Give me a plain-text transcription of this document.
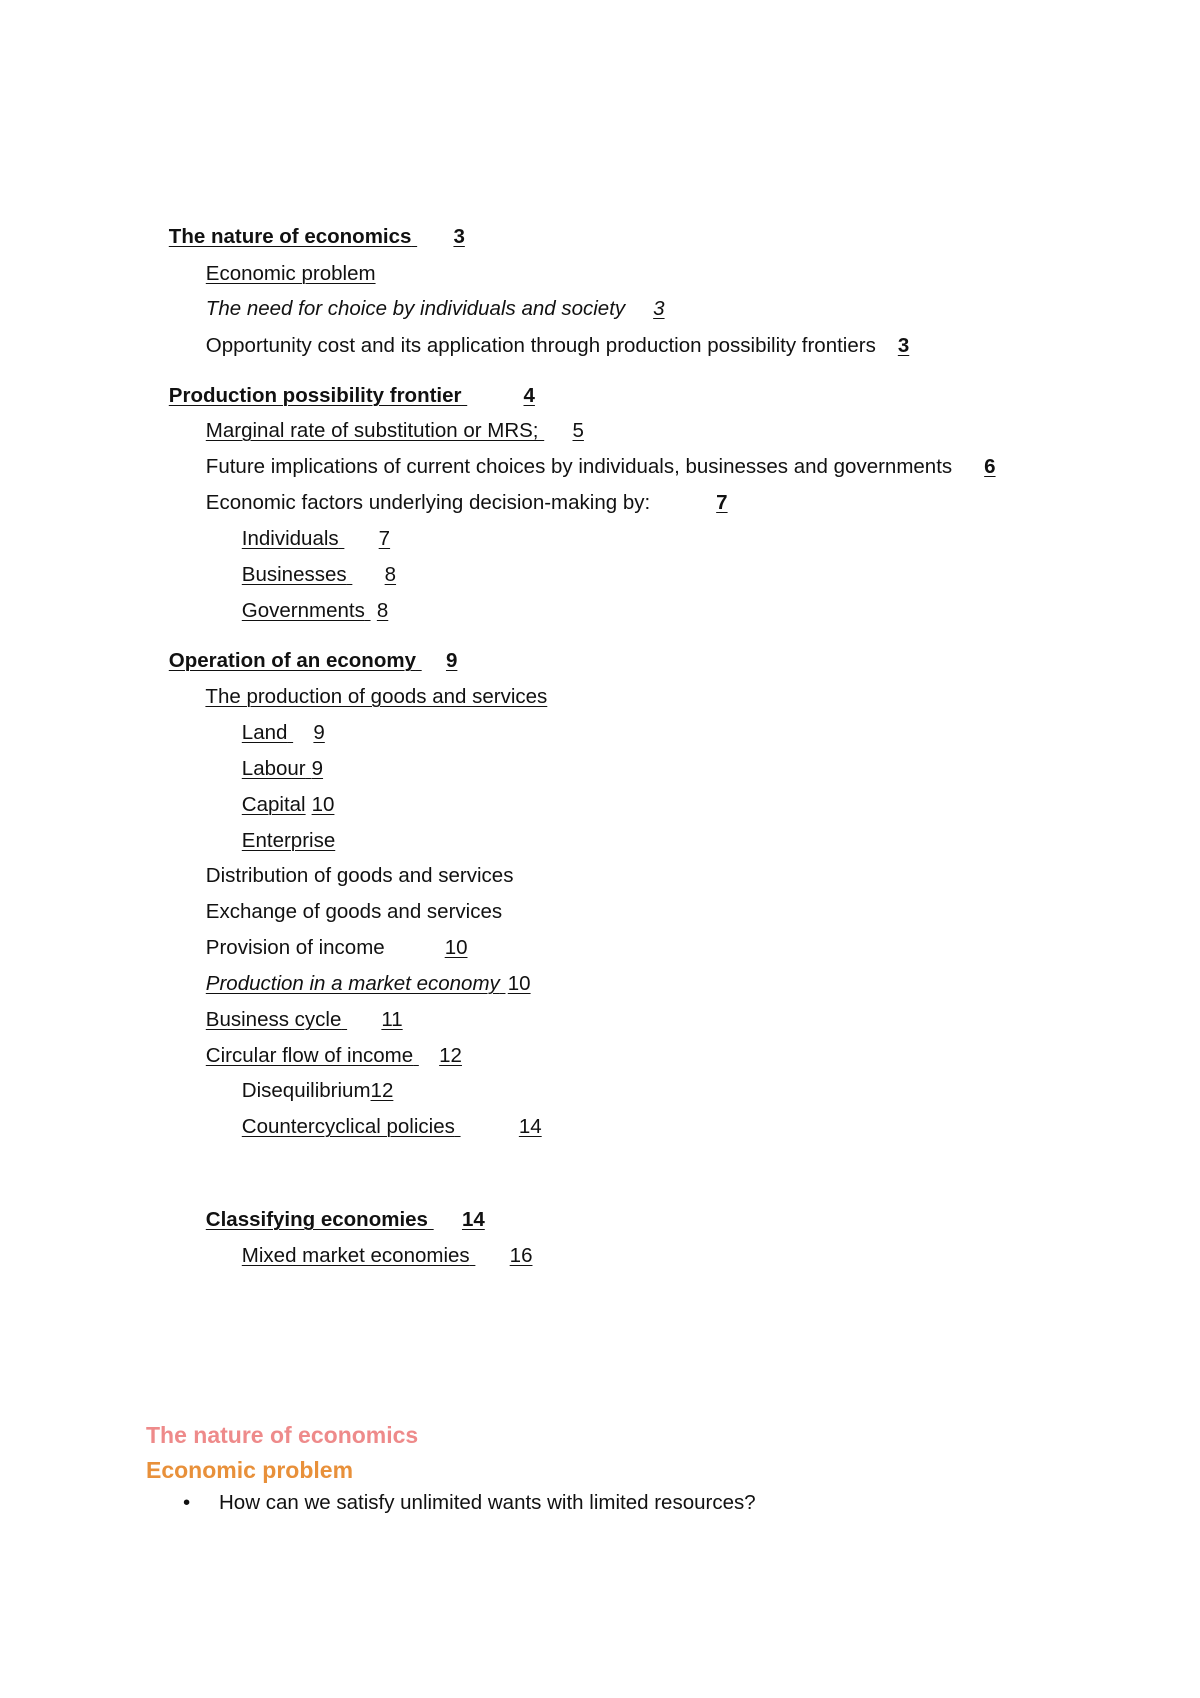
The nature of economics 3

Economic problem

The need for choice by individuals and society 3

Opportunity cost and its application through production possibility frontiers 3

Production possibility frontier	4

Marginal rate of substitution or MRS; 5

Future implications of current choices by individuals, businesses and governments 6

Economic factors underlying decision-making by:	7

Individuals 7

Businesses 8

Governments 8

Operation of an economy 9

The production of goods and services

Land 9

Labour 9

Capital 10

Enterprise

Distribution of goods and services

Exchange of goods and services

Provision of income	10

Production in a market economy 10

Business cycle 11

Circular flow of income 12

Disequilibrium12

Countercyclical policies	14

Classifying economies 14

Mixed market economies 16

The nature of economics
Economic problem

•

	How can we satisfy unlimited wants with limited resources?
